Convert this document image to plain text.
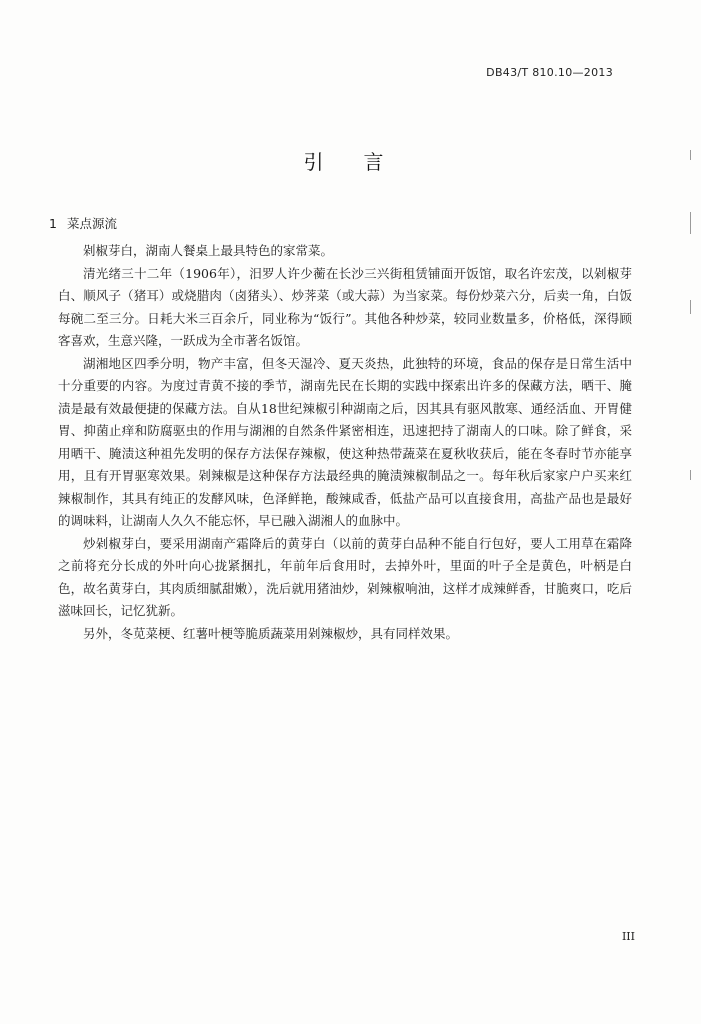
DB43/T 810.10—2013
引言
1 菜点源流

剁椒芽白，湖南人餐桌上最具特色的家常菜。

清光绪三十二年（1906年），汨罗人许少蘅在长沙三兴街租赁铺面开饭馆，取名许宏茂，以剁椒芽白、顺风子（猪耳）或烧腊肉（卤猪头）、炒荠菜（或大蒜）为当家菜。每份炒菜六分，后卖一角，白饭每碗二至三分。日耗大米三百余斤，同业称为“饭行”。其他各种炒菜，较同业数量多，价格低，深得顾客喜欢，生意兴隆，一跃成为全市著名饭馆。

湖湘地区四季分明，物产丰富，但冬天湿冷、夏天炎热，此独特的环境，食品的保存是日常生活中十分重要的内容。为度过青黄不接的季节，湖南先民在长期的实践中探索出许多的保藏方法，晒干、腌渍是最有效最便捷的保藏方法。自从18世纪辣椒引种湖南之后，因其具有驱风散寒、通经活血、开胃健胃、抑菌止痒和防腐驱虫的作用与湖湘的自然条件紧密相连，迅速把持了湖南人的口味。除了鲜食，采用晒干、腌渍这种祖先发明的保存方法保存辣椒，使这种热带蔬菜在夏秋收获后，能在冬春时节亦能享用，且有开胃驱寒效果。剁辣椒是这种保存方法最经典的腌渍辣椒制品之一。每年秋后家家户户买来红辣椒制作，其具有纯正的发酵风味，色泽鲜艳，酸辣咸香，低盐产品可以直接食用，高盐产品也是最好的调味料，让湖南人久久不能忘怀，早已融入湖湘人的血脉中。

炒剁椒芽白，要采用湖南产霜降后的黄芽白（以前的黄芽白品种不能自行包好，要人工用草在霜降之前将充分长成的外叶向心拢紧捆扎，年前年后食用时，去掉外叶，里面的叶子全是黄色，叶柄是白色，故名黄芽白，其肉质细腻甜嫩），洗后就用猪油炒，剁辣椒响油，这样才成辣鲜香，甘脆爽口，吃后滋味回长，记忆犹新。

另外，冬苋菜梗、红薯叶梗等脆质蔬菜用剁辣椒炒，具有同样效果。

III
